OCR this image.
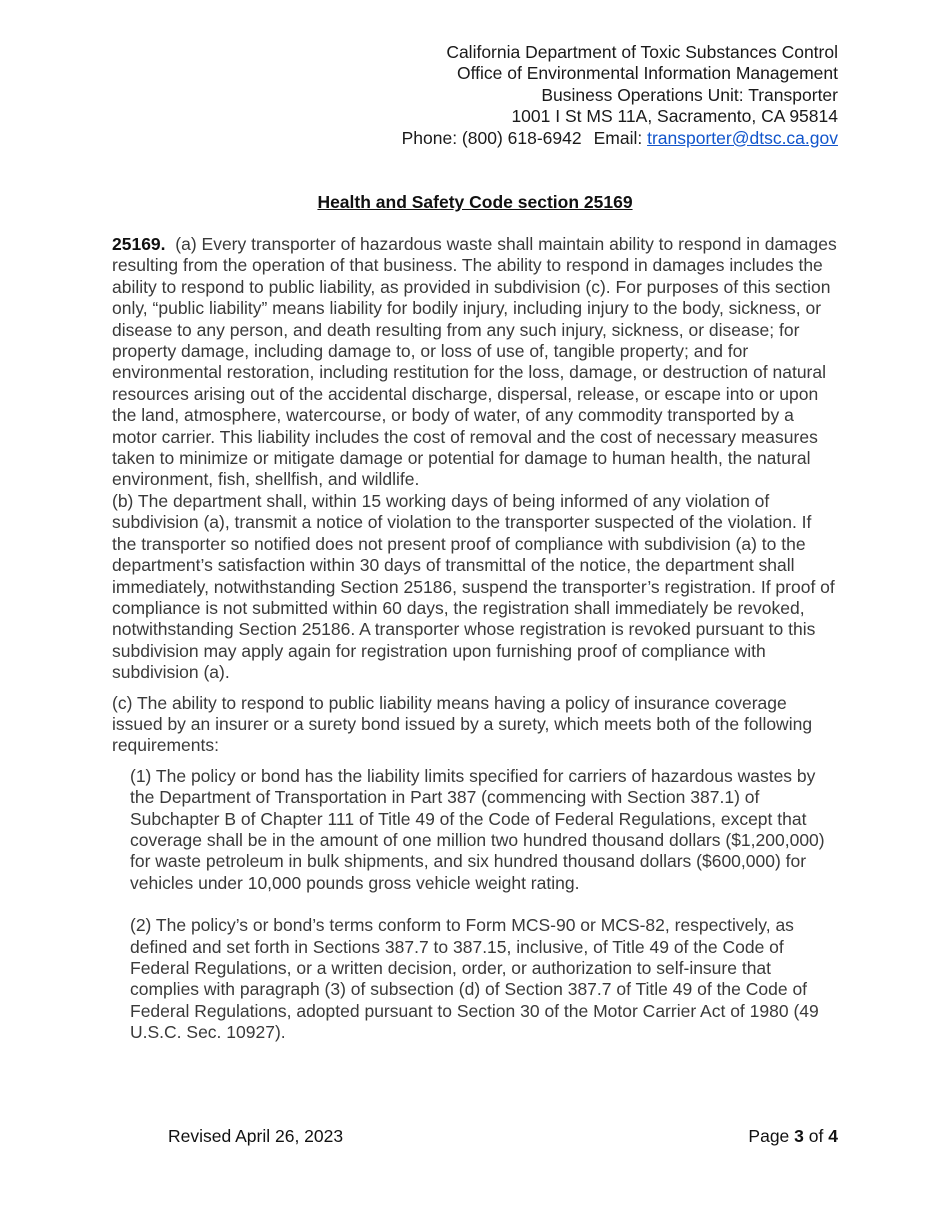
California Department of Toxic Substances Control
Office of Environmental Information Management
Business Operations Unit: Transporter
1001 I St MS 11A, Sacramento, CA 95814
Phone: (800) 618-6942 Email: transporter@dtsc.ca.gov
Health and Safety Code section 25169

25169. (a) Every transporter of hazardous waste shall maintain ability to respond in damages resulting from the operation of that business. The ability to respond in damages includes the ability to respond to public liability, as provided in subdivision (c). For purposes of this section only, “public liability” means liability for bodily injury, including injury to the body, sickness, or disease to any person, and death resulting from any such injury, sickness, or disease; for property damage, including damage to, or loss of use of, tangible property; and for environmental restoration, including restitution for the loss, damage, or destruction of natural resources arising out of the accidental discharge, dispersal, release, or escape into or upon the land, atmosphere, watercourse, or body of water, of any commodity transported by a motor carrier. This liability includes the cost of removal and the cost of necessary measures taken to minimize or mitigate damage or potential for damage to human health, the natural environment, fish, shellfish, and wildlife.

(b) The department shall, within 15 working days of being informed of any violation of subdivision (a), transmit a notice of violation to the transporter suspected of the violation. If the transporter so notified does not present proof of compliance with subdivision (a) to the department’s satisfaction within 30 days of transmittal of the notice, the department shall immediately, notwithstanding Section 25186, suspend the transporter’s registration. If proof of compliance is not submitted within 60 days, the registration shall immediately be revoked, notwithstanding Section 25186. A transporter whose registration is revoked pursuant to this subdivision may apply again for registration upon furnishing proof of compliance with subdivision (a).

(c) The ability to respond to public liability means having a policy of insurance coverage issued by an insurer or a surety bond issued by a surety, which meets both of the following requirements:

(1) The policy or bond has the liability limits specified for carriers of hazardous wastes by the Department of Transportation in Part 387 (commencing with Section 387.1) of Subchapter B of Chapter 111 of Title 49 of the Code of Federal Regulations, except that coverage shall be in the amount of one million two hundred thousand dollars ($1,200,000) for waste petroleum in bulk shipments, and six hundred thousand dollars ($600,000) for vehicles under 10,000 pounds gross vehicle weight rating.

(2) The policy’s or bond’s terms conform to Form MCS-90 or MCS-82, respectively, as defined and set forth in Sections 387.7 to 387.15, inclusive, of Title 49 of the Code of Federal Regulations, or a written decision, order, or authorization to self-insure that complies with paragraph (3) of subsection (d) of Section 387.7 of Title 49 of the Code of Federal Regulations, adopted pursuant to Section 30 of the Motor Carrier Act of 1980 (49 U.S.C. Sec. 10927).

Revised April 26, 2023	Page 3 of 4
